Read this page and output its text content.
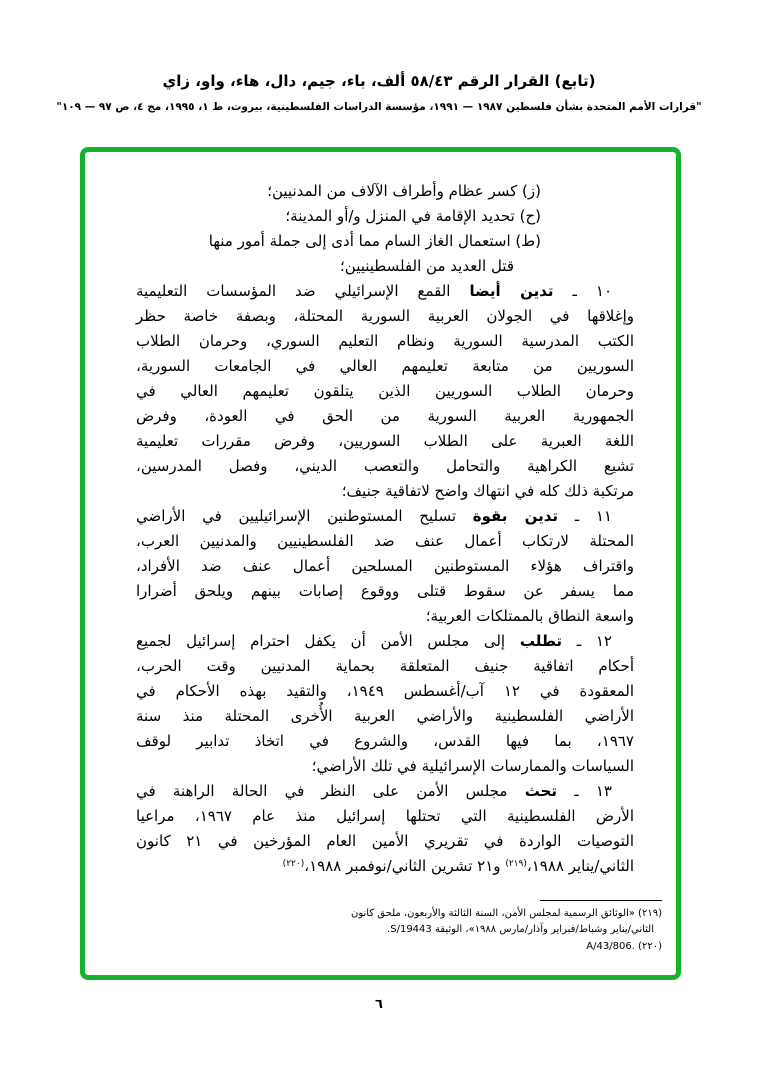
(تابع) القرار الرقم ٥٨/٤٣ ألف، باء، جيم، دال، هاء، واو، زاي
"قرارات الأمم المتحدة بشأن فلسطين ١٩٨٧ — ١٩٩١، مؤسسة الدراسات الفلسطينية، بيروت، ط ١، ١٩٩٥، مج ٤، ص ٩٧ — ١٠٩"
(ز) كسر عظام وأطراف الآلاف من المدنيين؛
(ح) تحديد الإقامة في المنزل و/أو المدينة؛
(ط) استعمال الغاز السام مما أدى إلى جملة أمور منها
قتل العديد من الفلسطينيين؛
١٠ ـ تدين أيضا القمع الإسرائيلي ضد المؤسسات التعليمية
وإغلاقها في الجولان العربية السورية المحتلة، وبصفة خاصة حظر
الكتب المدرسية السورية ونظام التعليم السوري، وحرمان الطلاب
السوريين من متابعة تعليمهم العالي في الجامعات السورية،
وحرمان الطلاب السوريين الذين يتلقون تعليمهم العالي في
الجمهورية العربية السورية من الحق في العودة، وفرض
اللغة العبرية على الطلاب السوريين، وفرض مقررات تعليمية
تشيع الكراهية والتحامل والتعصب الديني، وفصل المدرسين،
مرتكبة ذلك كله في انتهاك واضح لاتفاقية جنيف؛
١١ ـ تدين بقوة تسليح المستوطنين الإسرائيليين في الأراضي
المحتلة لارتكاب أعمال عنف ضد الفلسطينيين والمدنيين العرب،
واقتراف هؤلاء المستوطنين المسلحين أعمال عنف ضد الأفراد،
مما يسفر عن سقوط قتلى ووقوع إصابات بينهم ويلحق أضرارا
واسعة النطاق بالممتلكات العربية؛
١٢ ـ تطلب إلى مجلس الأمن أن يكفل احترام إسرائيل لجميع
أحكام اتفاقية جنيف المتعلقة بحماية المدنيين وقت الحرب،
المعقودة في ١٢ آب/أغسطس ١٩٤٩، والتقيد بهذه الأحكام في
الأراضي الفلسطينية والأراضي العربية الأُخرى المحتلة منذ سنة
١٩٦٧، بما فيها القدس، والشروع في اتخاذ تدابير لوقف
السياسات والممارسات الإسرائيلية في تلك الأراضي؛
١٣ ـ تحث مجلس الأمن على النظر في الحالة الراهنة في
الأرض الفلسطينية التي تحتلها إسرائيل منذ عام ١٩٦٧، مراعيا
التوصيات الواردة في تقريري الأمين العام المؤرخين في ٢١ كانون
الثاني/يناير ١٩٨٨،$^{(٢١٩)}$ و٢١ تشرين الثاني/نوفمبر ١٩٨٨،$^{(٢٢٠)}$
(٢١٩) «الوثائق الرسمية لمجلس الأمن، السنة الثالثة والأربعون، ملحق كانون
الثاني/يناير وشباط/فبراير وآذار/مارس ١٩٨٨»، الوثيقة S/19443.
(٢٢٠) A/43/806.
٦
